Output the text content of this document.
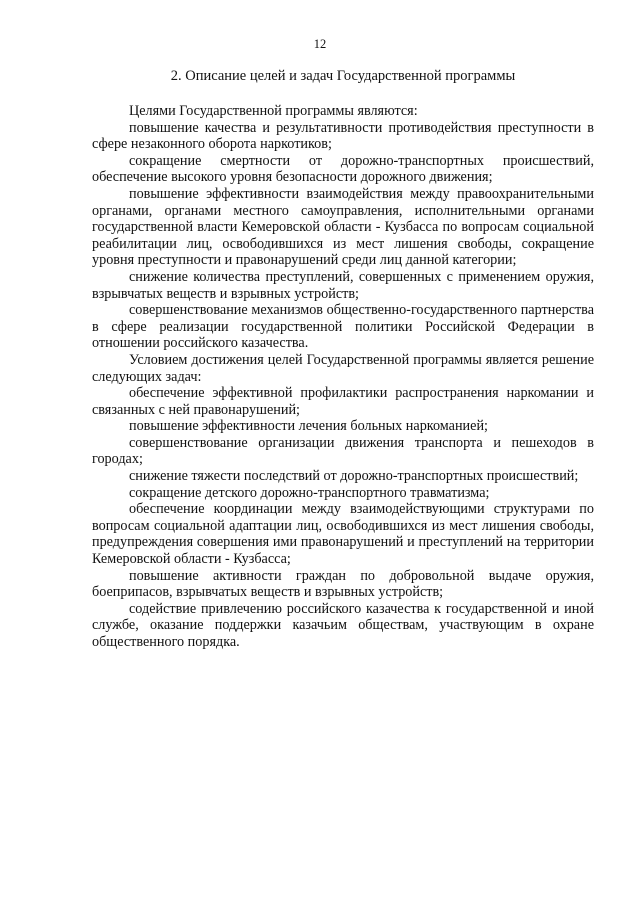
12
2. Описание целей и задач Государственной программы

Целями Государственной программы являются:

повышение качества и результативности противодействия преступности в сфере незаконного оборота наркотиков;

сокращение смертности от дорожно-транспортных происшествий, обеспечение высокого уровня безопасности дорожного движения;

повышение эффективности взаимодействия между правоохранительными органами, органами местного самоуправления, исполнительными органами государственной власти Кемеровской области - Кузбасса по вопросам социальной реабилитации лиц, освободившихся из мест лишения свободы, сокращение уровня преступности и правонарушений среди лиц данной категории;

снижение количества преступлений, совершенных с применением оружия, взрывчатых веществ и взрывных устройств;

совершенствование механизмов общественно-государственного партнерства в сфере реализации государственной политики Российской Федерации в отношении российского казачества.

Условием достижения целей Государственной программы является решение следующих задач:

обеспечение эффективной профилактики распространения наркомании и связанных с ней правонарушений;

повышение эффективности лечения больных наркоманией;

совершенствование организации движения транспорта и пешеходов в городах;

снижение тяжести последствий от дорожно-транспортных происшествий;

сокращение детского дорожно-транспортного травматизма;

обеспечение координации между взаимодействующими структурами по вопросам социальной адаптации лиц, освободившихся из мест лишения свободы, предупреждения совершения ими правонарушений и преступлений на территории Кемеровской области - Кузбасса;

повышение активности граждан по добровольной выдаче оружия, боеприпасов, взрывчатых веществ и взрывных устройств;

содействие привлечению российского казачества к государственной и иной службе, оказание поддержки казачьим обществам, участвующим в охране общественного порядка.
